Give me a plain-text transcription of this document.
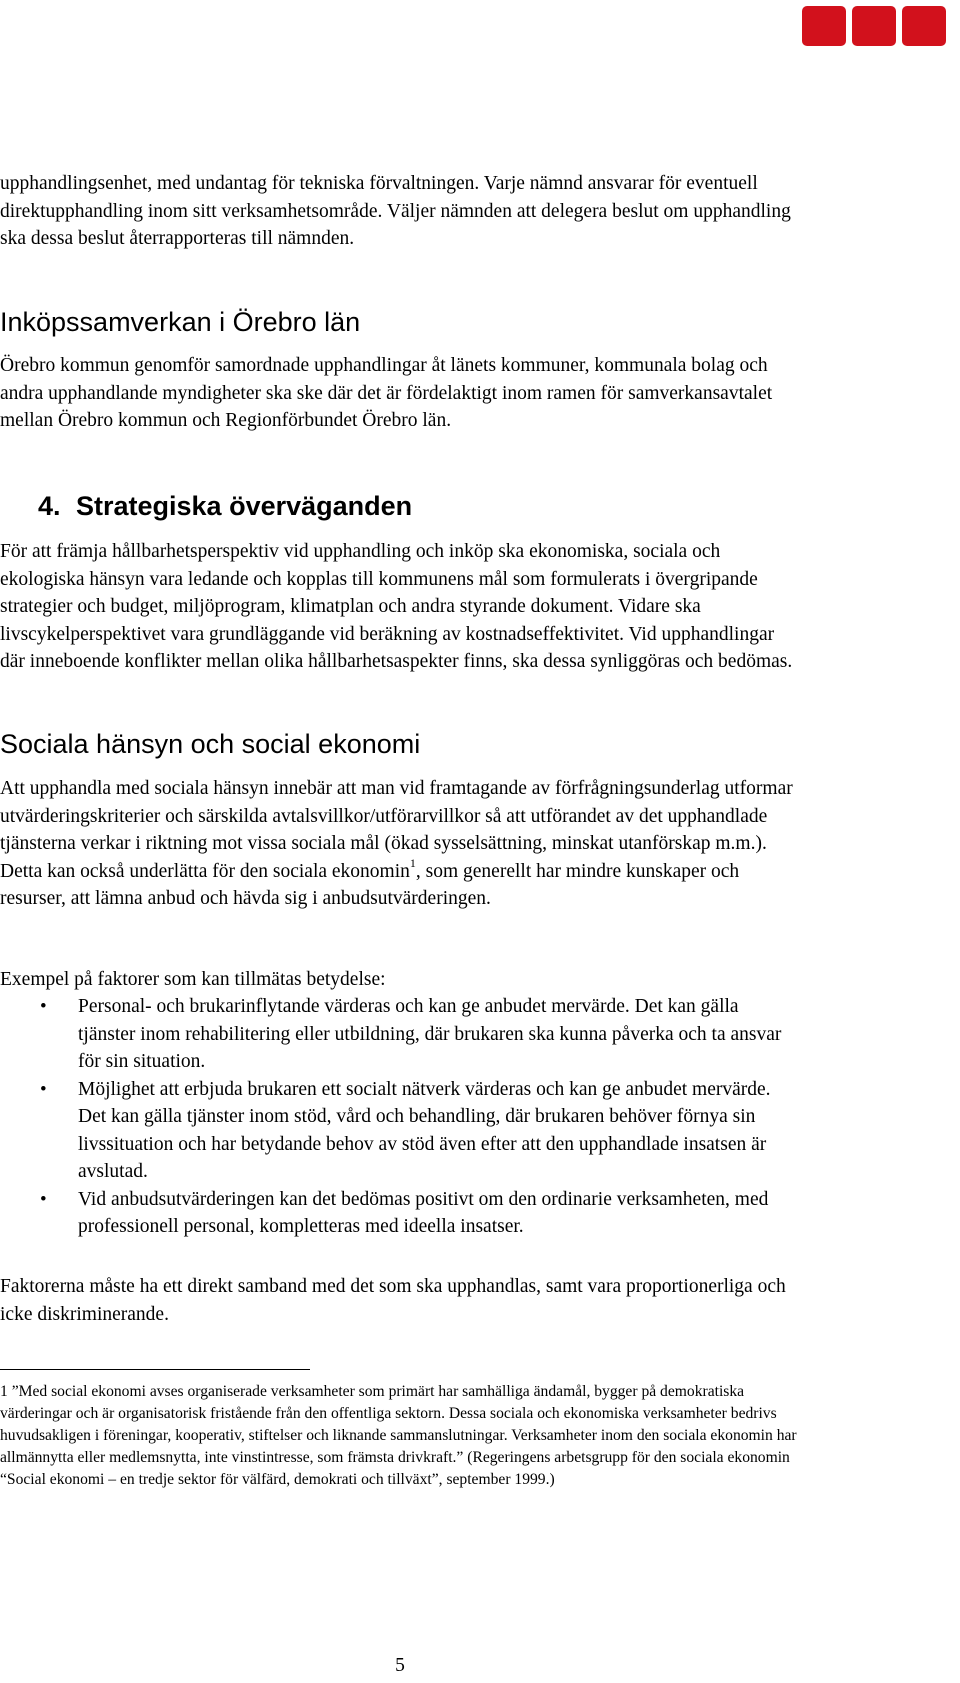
upphandlingsenhet, med undantag för tekniska förvaltningen. Varje nämnd ansvarar för eventuell direktupphandling inom sitt verksamhetsområde. Väljer nämnden att delegera beslut om upphandling ska dessa beslut återrapporteras till nämnden.

Inköpssamverkan i Örebro län

Örebro kommun genomför samordnade upphandlingar åt länets kommuner, kommunala bolag och andra upphandlande myndigheter ska ske där det är fördelaktigt inom ramen för samverkansavtalet mellan Örebro kommun och Regionförbundet Örebro län.

4. Strategiska överväganden

För att främja hållbarhetsperspektiv vid upphandling och inköp ska ekonomiska, sociala och ekologiska hänsyn vara ledande och kopplas till kommunens mål som formulerats i övergripande strategier och budget, miljöprogram, klimatplan och andra styrande dokument. Vidare ska livscykelperspektivet vara grundläggande vid beräkning av kostnadseffektivitet. Vid upphandlingar där inneboende konflikter mellan olika hållbarhetsaspekter finns, ska dessa synliggöras och bedömas.

Sociala hänsyn och social ekonomi

Att upphandla med sociala hänsyn innebär att man vid framtagande av förfrågningsunderlag utformar utvärderingskriterier och särskilda avtalsvillkor/utförarvillkor så att utförandet av det upphandlade tjänsterna verkar i riktning mot vissa sociala mål (ökad sysselsättning, minskat utanförskap m.m.). Detta kan också underlätta för den sociala ekonomin$^1$, som generellt har mindre kunskaper och resurser, att lämna anbud och hävda sig i anbudsutvärderingen.

Exempel på faktorer som kan tillmätas betydelse:

• Personal- och brukarinflytande värderas och kan ge anbudet mervärde. Det kan gälla tjänster inom rehabilitering eller utbildning, där brukaren ska kunna påverka och ta ansvar för sin situation.
• Möjlighet att erbjuda brukaren ett socialt nätverk värderas och kan ge anbudet mervärde. Det kan gälla tjänster inom stöd, vård och behandling, där brukaren behöver förnya sin livssituation och har betydande behov av stöd även efter att den upphandlade insatsen är avslutad.
• Vid anbudsutvärderingen kan det bedömas positivt om den ordinarie verksamheten, med professionell personal, kompletteras med ideella insatser.

Faktorerna måste ha ett direkt samband med det som ska upphandlas, samt vara proportionerliga och icke diskriminerande.

1 ”Med social ekonomi avses organiserade verksamheter som primärt har samhälliga ändamål, bygger på demokratiska värderingar och är organisatorisk fristående från den offentliga sektorn. Dessa sociala och ekonomiska verksamheter bedrivs huvudsakligen i föreningar, kooperativ, stiftelser och liknande sammanslutningar. Verksamheter inom den sociala ekonomin har allmännytta eller medlemsnytta, inte vinstintresse, som främsta drivkraft.” (Regeringens arbetsgrupp för den sociala ekonomin “Social ekonomi – en tredje sektor för välfärd, demokrati och tillväxt”, september 1999.)

5
